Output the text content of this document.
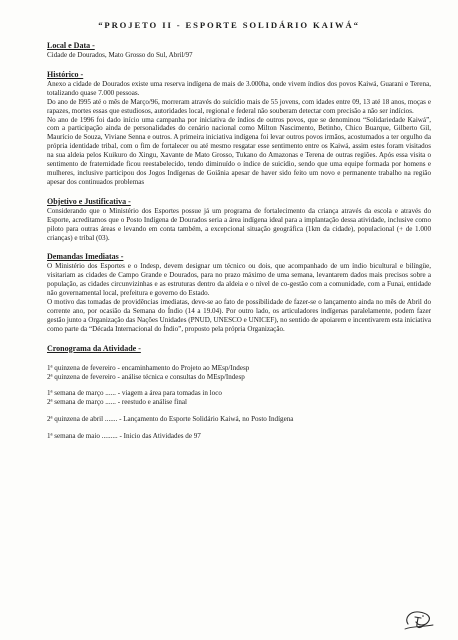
“PROJETO II - ESPORTE SOLIDÁRIO KAIWÁ“

Local e Data -

Cidade de Dourados, Mato Grosso do Sul, Abril/97

Histórico -

Anexo a cidade de Dourados existe uma reserva indígena de mais de 3.000ha, onde vivem índios dos povos Kaiwá, Guarani e Terena, totalizando quase 7.000 pessoas.

Do ano de l995 até o mês de Março/96, morreram através do suicídio mais de 55 jovens, com idades entre 09, 13 até 18 anos, moças e rapazes, mortes essas que estudiosos, autoridades local, regional e federal não souberam detectar com precisão a não ser indícios.

No ano de 1996 foi dado início uma campanha por iniciativa de índios de outros povos, que se denominou “Solidariedade Kaiwá”, com a participação ainda de personalidades do cenário nacional como Milton Nascimento, Betinho, Chico Buarque, Gilberto Gil, Maurício de Souza, Viviane Senna e outros. A primeira iniciativa indígena foi levar outros povos irmãos, acostumados a ter orgulho da própria identidade tribal, com o fim de fortalecer ou até mesmo resgatar esse sentimento entre os Kaiwá, assim estes foram visitados na sua aldeia pelos Kuikuro do Xingu, Xavante de Mato Grosso, Tukano do Amazonas e Terena de outras regiões. Após essa visita o sentimento de fraternidade ficou reestabelecido, tendo diminuído o índice de suicídio, sendo que uma equipe formada por homens e mulheres, inclusive participou dos Jogos Indígenas de Goiânia apesar de haver sido feito um novo e permanente trabalho na região apesar dos continuados problemas

Objetivo e Justificativa -

Considerando que o Ministério dos Esportes possue já um programa de fortalecimento da criança através da escola e através do Esporte, acreditamos que o Posto Indígena de Dourados seria a área indígena ideal para a implantação dessa atividade, inclusive como piloto para outras áreas e levando em conta também, a excepcional situação geográfica (1km da cidade), populacional (+ de 1.000 crianças) e tribal (03).

Demandas Imediatas -

O Ministério dos Esportes e o Indesp, devem designar um técnico ou dois, que acompanhado de um índio bicultural e bilíngüe, visitariam as cidades de Campo Grande e Dourados, para no prazo máximo de uma semana, levantarem dados mais precisos sobre a população, as cidades circunvizinhas e as estruturas dentro da aldeia e o nível de co-gestão com a comunidade, com a Funai, entidade não governamental local, prefeitura e governo do Estado.

O motivo das tomadas de providências imediatas, deve-se ao fato de possibilidade de fazer-se o lançamento ainda no mês de Abril do corrente ano, por ocasião da Semana do Índio (14 a 19.04). Por outro lado, os articuladores indígenas paralelamente, podem fazer gestão junto a Organização das Nações Unidades (PNUD, UNESCO e UNICEF), no sentido de apoiarem e incentivarem esta iniciativa como parte da “Década Internacional do Índio”, proposto pela própria Organização.

Cronograma da Atividade -

1ª quinzena de fevereiro - encaminhamento do Projeto ao MEsp/Indesp

2ª quinzena de fevereiro - análise técnica e consultas do MEsp/Indesp

1ª semana de março ...... - viagem a área para tomadas in loco

2ª semana de março ...... - reestudo e análise final

2ª quinzena de abril ....... - Lançamento do Esporte Solidário Kaiwá, no Posto Indígena

1ª semana de maio ......... - Inicio das Atividades de 97
